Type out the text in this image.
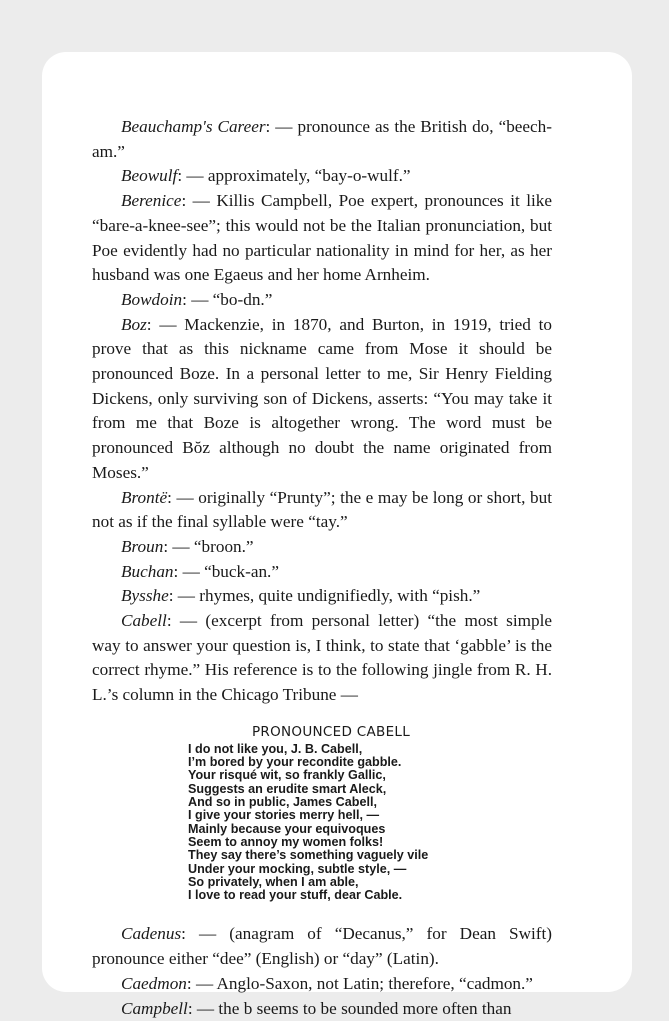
Beauchamp's Career: — pronounce as the British do, “beech-am.”

Beowulf: — approximately, “bay-o-wulf.”

Berenice: — Killis Campbell, Poe expert, pronounces it like “bare-a-knee-see”; this would not be the Italian pronunciation, but Poe evidently had no particular nationality in mind for her, as her husband was one Egaeus and her home Arnheim.

Bowdoin: — “bo-dn.”

Boz: — Mackenzie, in 1870, and Burton, in 1919, tried to prove that as this nickname came from Mose it should be pronounced Boze. In a personal letter to me, Sir Henry Fielding Dickens, only surviving son of Dickens, asserts: “You may take it from me that Boze is altogether wrong. The word must be pronounced Bŏz although no doubt the name originated from Moses.”

Brontë: — originally “Prunty”; the e may be long or short, but not as if the final syllable were “tay.”

Broun: — “broon.”

Buchan: — “buck-an.”

Bysshe: — rhymes, quite undignifiedly, with “pish.”

Cabell: — (excerpt from personal letter) “the most simple way to answer your question is, I think, to state that ‘gabble’ is the correct rhyme.” His reference is to the following jingle from R. H. L.’s column in the Chicago Tribune —

PRONOUNCED CABELL
I do not like you, J. B. Cabell,
I’m bored by your recondite gabble.
Your risqué wit, so frankly Gallic,
Suggests an erudite smart Aleck,
And so in public, James Cabell,
I give your stories merry hell, —
Mainly because your equivoques
Seem to annoy my women folks!
They say there’s something vaguely vile
Under your mocking, subtle style, —
So privately, when I am able,
I love to read your stuff, dear Cable.

Cadenus: — (anagram of “Decanus,” for Dean Swift) pronounce either “dee” (English) or “day” (Latin).

Caedmon: — Anglo-Saxon, not Latin; therefore, “cadmon.”

Campbell: — the b seems to be sounded more often than
